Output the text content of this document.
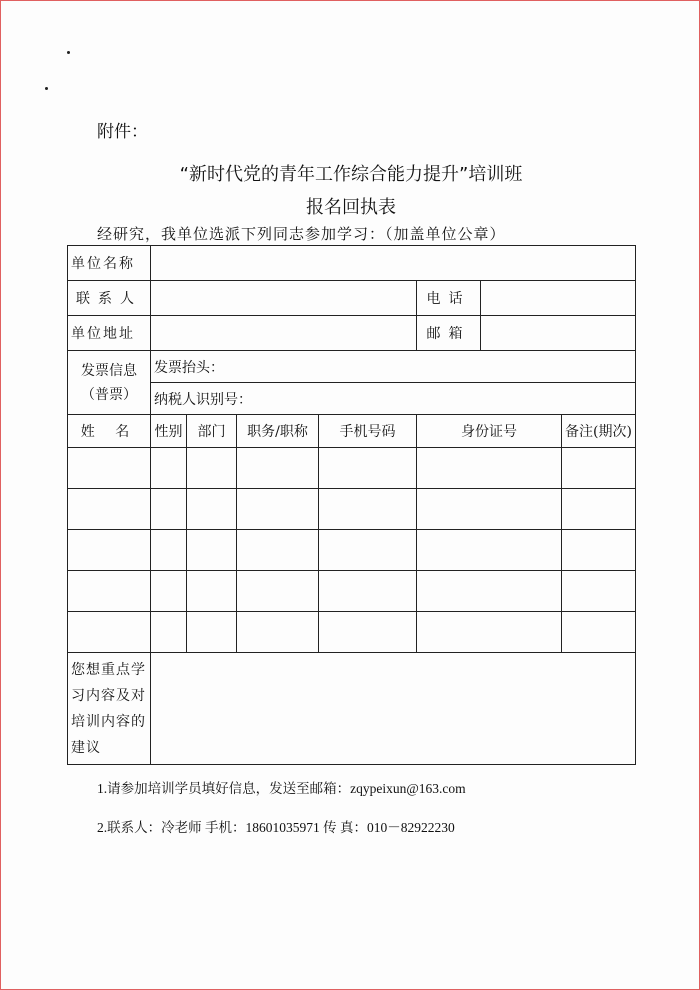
附件：
“新时代党的青年工作综合能力提升”培训班
报名回执表
经研究，我单位选派下列同志参加学习：（加盖单位公章）
单位名称							
联系人					电话		
单位地址					邮箱		

发票信息
（普票）	发票抬头：						
	纳税人识别号：						
姓 名	性别	部门	职务/职称	手机号码	身份证号		备注(期次)

您想重点学习内容及对培训内容的建议							

1.请参加培训学员填好信息，发送至邮箱：zqypeixun@163.com
2.联系人：冷老师 手机：18601035971 传 真：010－82922230
